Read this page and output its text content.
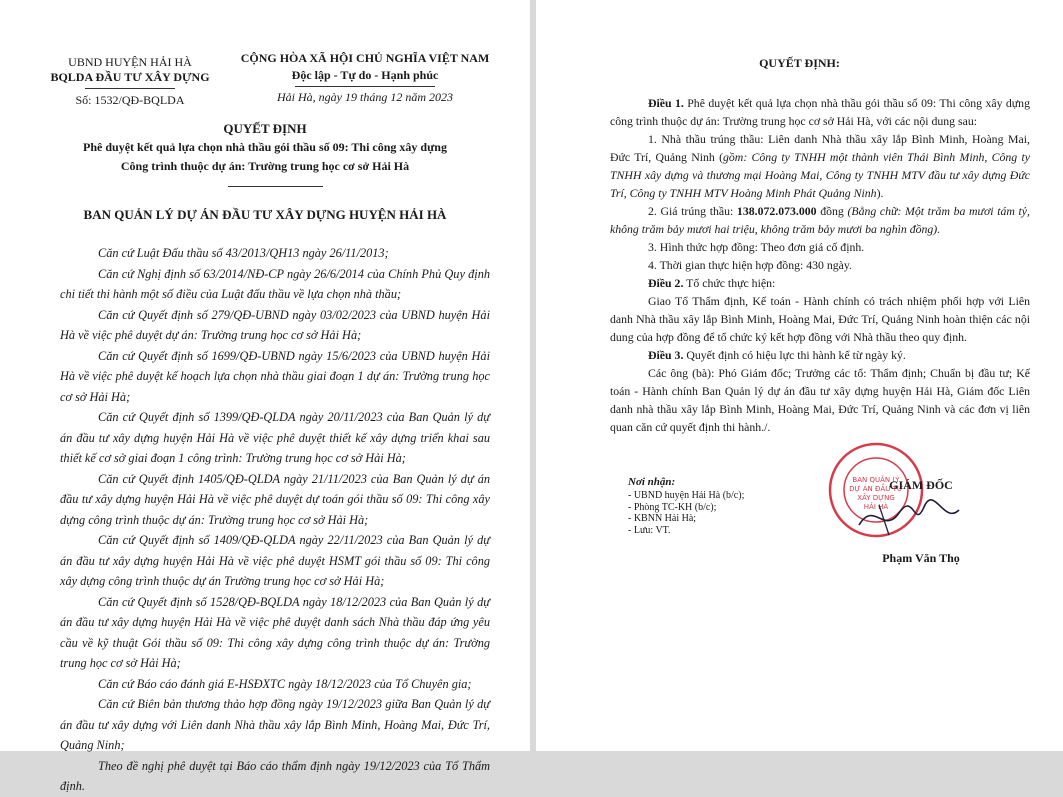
UBND HUYỆN HẢI HÀ
BQLDA ĐẦU TƯ XÂY DỰNG
Số: 1532/QĐ-BQLDA
CỘNG HÒA XÃ HỘI CHỦ NGHĨA VIỆT NAM
Độc lập - Tự do - Hạnh phúc
Hải Hà, ngày 19 tháng 12 năm 2023
QUYẾT ĐỊNH
Phê duyệt kết quả lựa chọn nhà thầu gói thầu số 09: Thi công xây dựng
Công trình thuộc dự án: Trường trung học cơ sở Hải Hà
BAN QUẢN LÝ DỰ ÁN ĐẦU TƯ XÂY DỰNG HUYỆN HẢI HÀ
Căn cứ Luật Đấu thầu số 43/2013/QH13 ngày 26/11/2013;
Căn cứ Nghị định số 63/2014/NĐ-CP ngày 26/6/2014 của Chính Phủ Quy định chi tiết thi hành một số điều của Luật đấu thầu về lựa chọn nhà thầu;
Căn cứ Quyết định số 279/QĐ-UBND ngày 03/02/2023 của UBND huyện Hải Hà về việc phê duyệt dự án: Trường trung học cơ sở Hải Hà;
Căn cứ Quyết định số 1699/QĐ-UBND ngày 15/6/2023 của UBND huyện Hải Hà về việc phê duyệt kế hoạch lựa chọn nhà thầu giai đoạn 1 dự án: Trường trung học cơ sở Hải Hà;
Căn cứ Quyết định số 1399/QĐ-QLDA ngày 20/11/2023 của Ban Quản lý dự án đầu tư xây dựng huyện Hải Hà về việc phê duyệt thiết kế xây dựng triển khai sau thiết kế cơ sở giai đoạn 1 công trình: Trường trung học cơ sở Hải Hà;
Căn cứ Quyết định 1405/QĐ-QLDA ngày 21/11/2023 của Ban Quản lý dự án đầu tư xây dựng huyện Hải Hà về việc phê duyệt dự toán gói thầu số 09: Thi công xây dựng công trình thuộc dự án: Trường trung học cơ sở Hải Hà;
Căn cứ Quyết định số 1409/QĐ-QLDA ngày 22/11/2023 của Ban Quản lý dự án đầu tư xây dựng huyện Hải Hà về việc phê duyệt HSMT gói thầu số 09: Thi công xây dựng công trình thuộc dự án Trường trung học cơ sở Hải Hà;
Căn cứ Quyết định số 1528/QĐ-BQLDA ngày 18/12/2023 của Ban Quản lý dự án đầu tư xây dựng huyện Hải Hà về việc phê duyệt danh sách Nhà thầu đáp ứng yêu cầu về kỹ thuật Gói thầu số 09: Thi công xây dựng công trình thuộc dự án: Trường trung học cơ sở Hải Hà;
Căn cứ Báo cáo đánh giá E-HSĐXTC ngày 18/12/2023 của Tổ Chuyên gia;
Căn cứ Biên bản thương thảo hợp đồng ngày 19/12/2023 giữa Ban Quản lý dự án đầu tư xây dựng với Liên danh Nhà thầu xây lắp Bình Minh, Hoàng Mai, Đức Trí, Quảng Ninh;
Theo đề nghị phê duyệt tại Báo cáo thẩm định ngày 19/12/2023 của Tổ Thẩm định.
QUYẾT ĐỊNH:
Điều 1. Phê duyệt kết quả lựa chọn nhà thầu gói thầu số 09: Thi công xây dựng công trình thuộc dự án: Trường trung học cơ sở Hải Hà, với các nội dung sau:
1. Nhà thầu trúng thầu: Liên danh Nhà thầu xây lắp Bình Minh, Hoàng Mai, Đức Trí, Quảng Ninh (gồm: Công ty TNHH một thành viên Thái Bình Minh, Công ty TNHH xây dựng và thương mại Hoàng Mai, Công ty TNHH MTV đầu tư xây dựng Đức Trí, Công ty TNHH MTV Hoàng Minh Phát Quảng Ninh).
2. Giá trúng thầu: 138.072.073.000 đồng (Bằng chữ: Một trăm ba mươi tám tỷ, không trăm bảy mươi hai triệu, không trăm bảy mươi ba nghìn đồng).
3. Hình thức hợp đồng: Theo đơn giá cố định.
4. Thời gian thực hiện hợp đồng: 430 ngày.
Điều 2. Tổ chức thực hiện:
Giao Tổ Thẩm định, Kế toán - Hành chính có trách nhiệm phối hợp với Liên danh Nhà thầu xây lắp Bình Minh, Hoàng Mai, Đức Trí, Quảng Ninh hoàn thiện các nội dung của hợp đồng để tổ chức ký kết hợp đồng với Nhà thầu theo quy định.
Điều 3. Quyết định có hiệu lực thi hành kể từ ngày ký.
Các ông (bà): Phó Giám đốc; Trưởng các tổ: Thẩm định; Chuẩn bị đầu tư; Kế toán - Hành chính Ban Quản lý dự án đầu tư xây dựng huyện Hải Hà, Giám đốc Liên danh nhà thầu xây lắp Bình Minh, Hoàng Mai, Đức Trí, Quảng Ninh và các đơn vị liên quan căn cứ quyết định thi hành./.
Nơi nhận:
- UBND huyện Hải Hà (b/c);
- Phòng TC-KH (b/c);
- KBNN Hải Hà;
- Lưu: VT.
BAN QUẢN LÝ
DỰ ÁN ĐẦU TƯ
XÂY DỰNG
HẢI HÀ
GIÁM ĐỐC
Phạm Văn Thọ
